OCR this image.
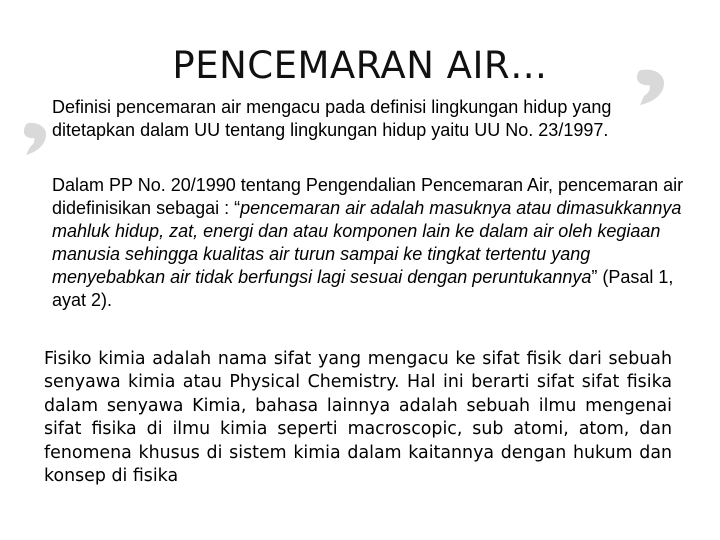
PENCEMARAN AIR…
Definisi pencemaran air mengacu pada definisi lingkungan hidup yang ditetapkan dalam UU tentang lingkungan hidup yaitu UU No. 23/1997.
Dalam PP No. 20/1990 tentang Pengendalian Pencemaran Air, pencemaran air didefinisikan sebagai : “pencemaran air adalah masuknya atau dimasukkannya mahluk hidup, zat, energi dan atau komponen lain ke dalam air oleh kegiaan manusia sehingga kualitas air turun sampai ke tingkat tertentu yang menyebabkan air tidak berfungsi lagi sesuai dengan peruntukannya” (Pasal 1, ayat 2).
Fisiko kimia adalah nama sifat yang mengacu ke sifat fisik dari sebuah senyawa kimia atau Physical Chemistry. Hal ini berarti sifat sifat fisika dalam senyawa Kimia, bahasa lainnya adalah sebuah ilmu mengenai sifat fisika di ilmu kimia seperti macroscopic, sub atomi, atom, dan fenomena khusus di sistem kimia dalam kaitannya dengan hukum dan konsep di fisika
